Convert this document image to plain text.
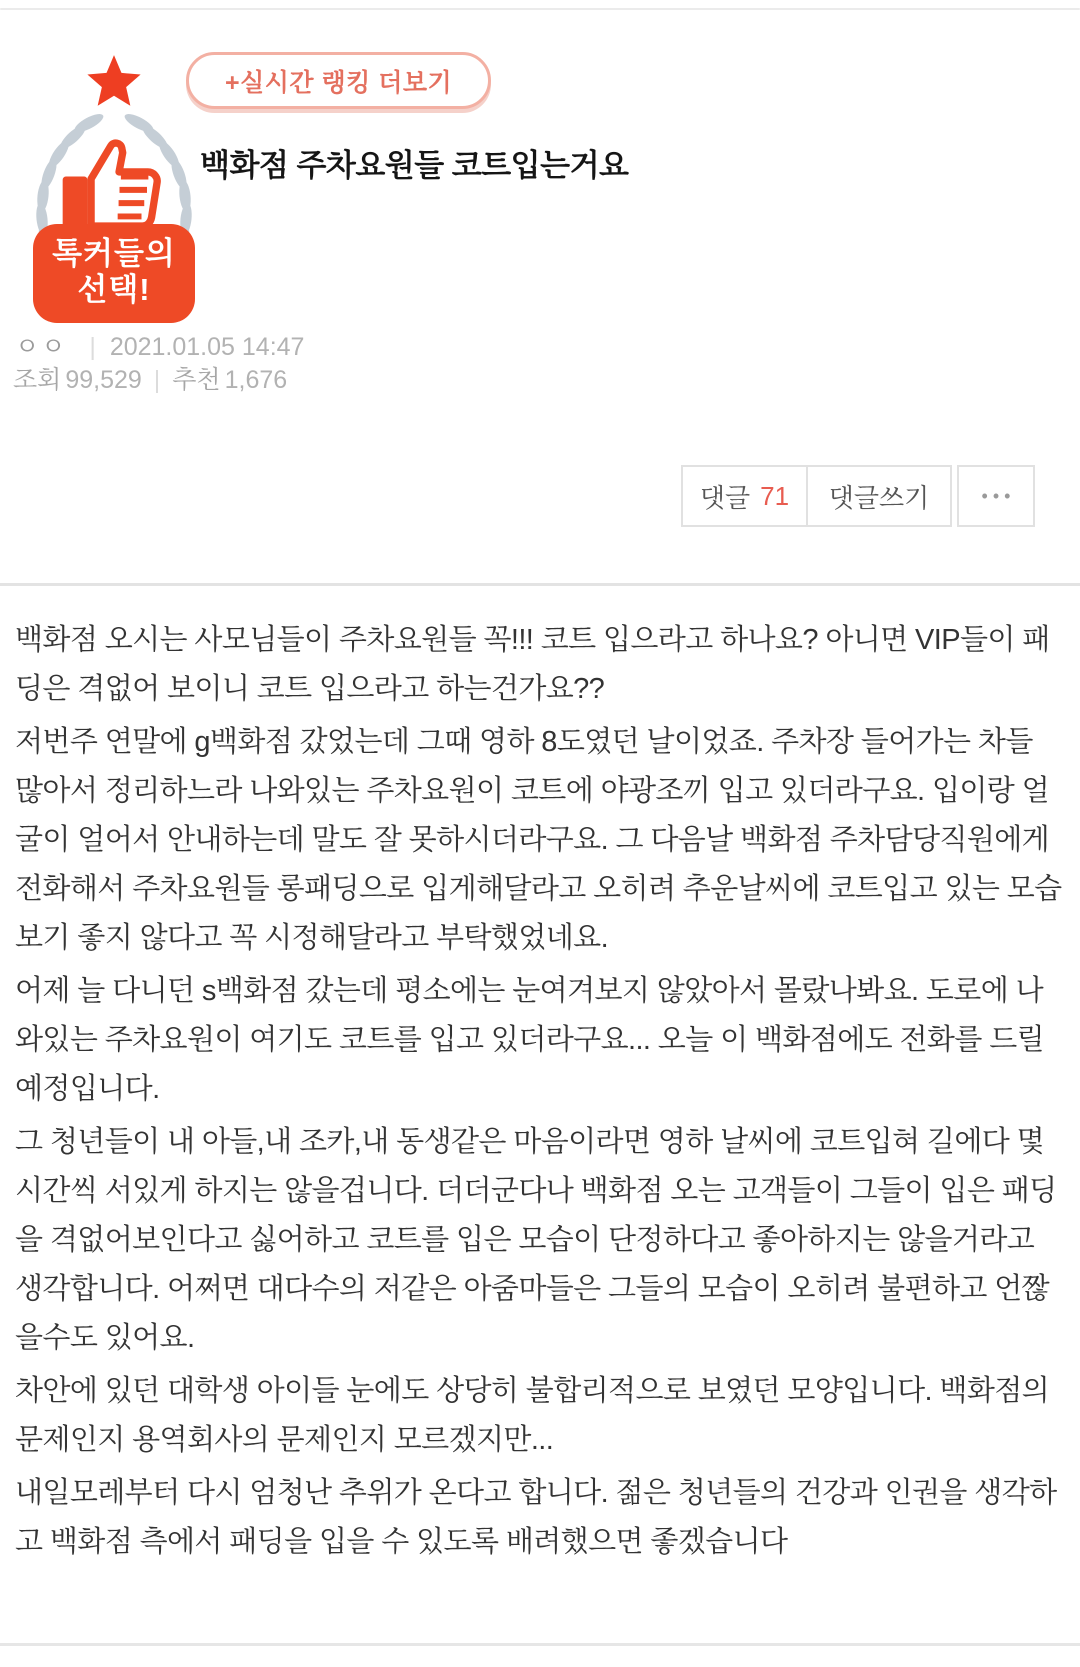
톡커들의
선택!
+실시간 랭킹 더보기
백화점 주차요원들 코트입는거요
ㅇㅇ | 2021.01.05 14:47
조회 99,529 | 추천 1,676
댓글 71	댓글쓰기	•••

백화점 오시는 사모님들이 주차요원들 꼭!!! 코트 입으라고 하나요? 아니면 VIP들이 패딩은 격없어 보이니 코트 입으라고 하는건가요??

저번주 연말에 g백화점 갔었는데 그때 영하 8도였던 날이었죠. 주차장 들어가는 차들 많아서 정리하느라 나와있는 주차요원이 코트에 야광조끼 입고 있더라구요. 입이랑 얼굴이 얼어서 안내하는데 말도 잘 못하시더라구요. 그 다음날 백화점 주차담당직원에게 전화해서 주차요원들 롱패딩으로 입게해달라고 오히려 추운날씨에 코트입고 있는 모습 보기 좋지 않다고 꼭 시정해달라고 부탁했었네요.

어제 늘 다니던 s백화점 갔는데 평소에는 눈여겨보지 않았아서 몰랐나봐요. 도로에 나와있는 주차요원이 여기도 코트를 입고 있더라구요... 오늘 이 백화점에도 전화를 드릴 예정입니다.

그 청년들이 내 아들,내 조카,내 동생같은 마음이라면 영하 날씨에 코트입혀 길에다 몇 시간씩 서있게 하지는 않을겁니다. 더더군다나 백화점 오는 고객들이 그들이 입은 패딩을 격없어보인다고 싫어하고 코트를 입은 모습이 단정하다고 좋아하지는 않을거라고 생각합니다. 어쩌면 대다수의 저같은 아줌마들은 그들의 모습이 오히려 불편하고 언짢을수도 있어요.

차안에 있던 대학생 아이들 눈에도 상당히 불합리적으로 보였던 모양입니다. 백화점의 문제인지 용역회사의 문제인지 모르겠지만...

내일모레부터 다시 엄청난 추위가 온다고 합니다. 젊은 청년들의 건강과 인권을 생각하고 백화점 측에서 패딩을 입을 수 있도록 배려했으면 좋겠습니다
